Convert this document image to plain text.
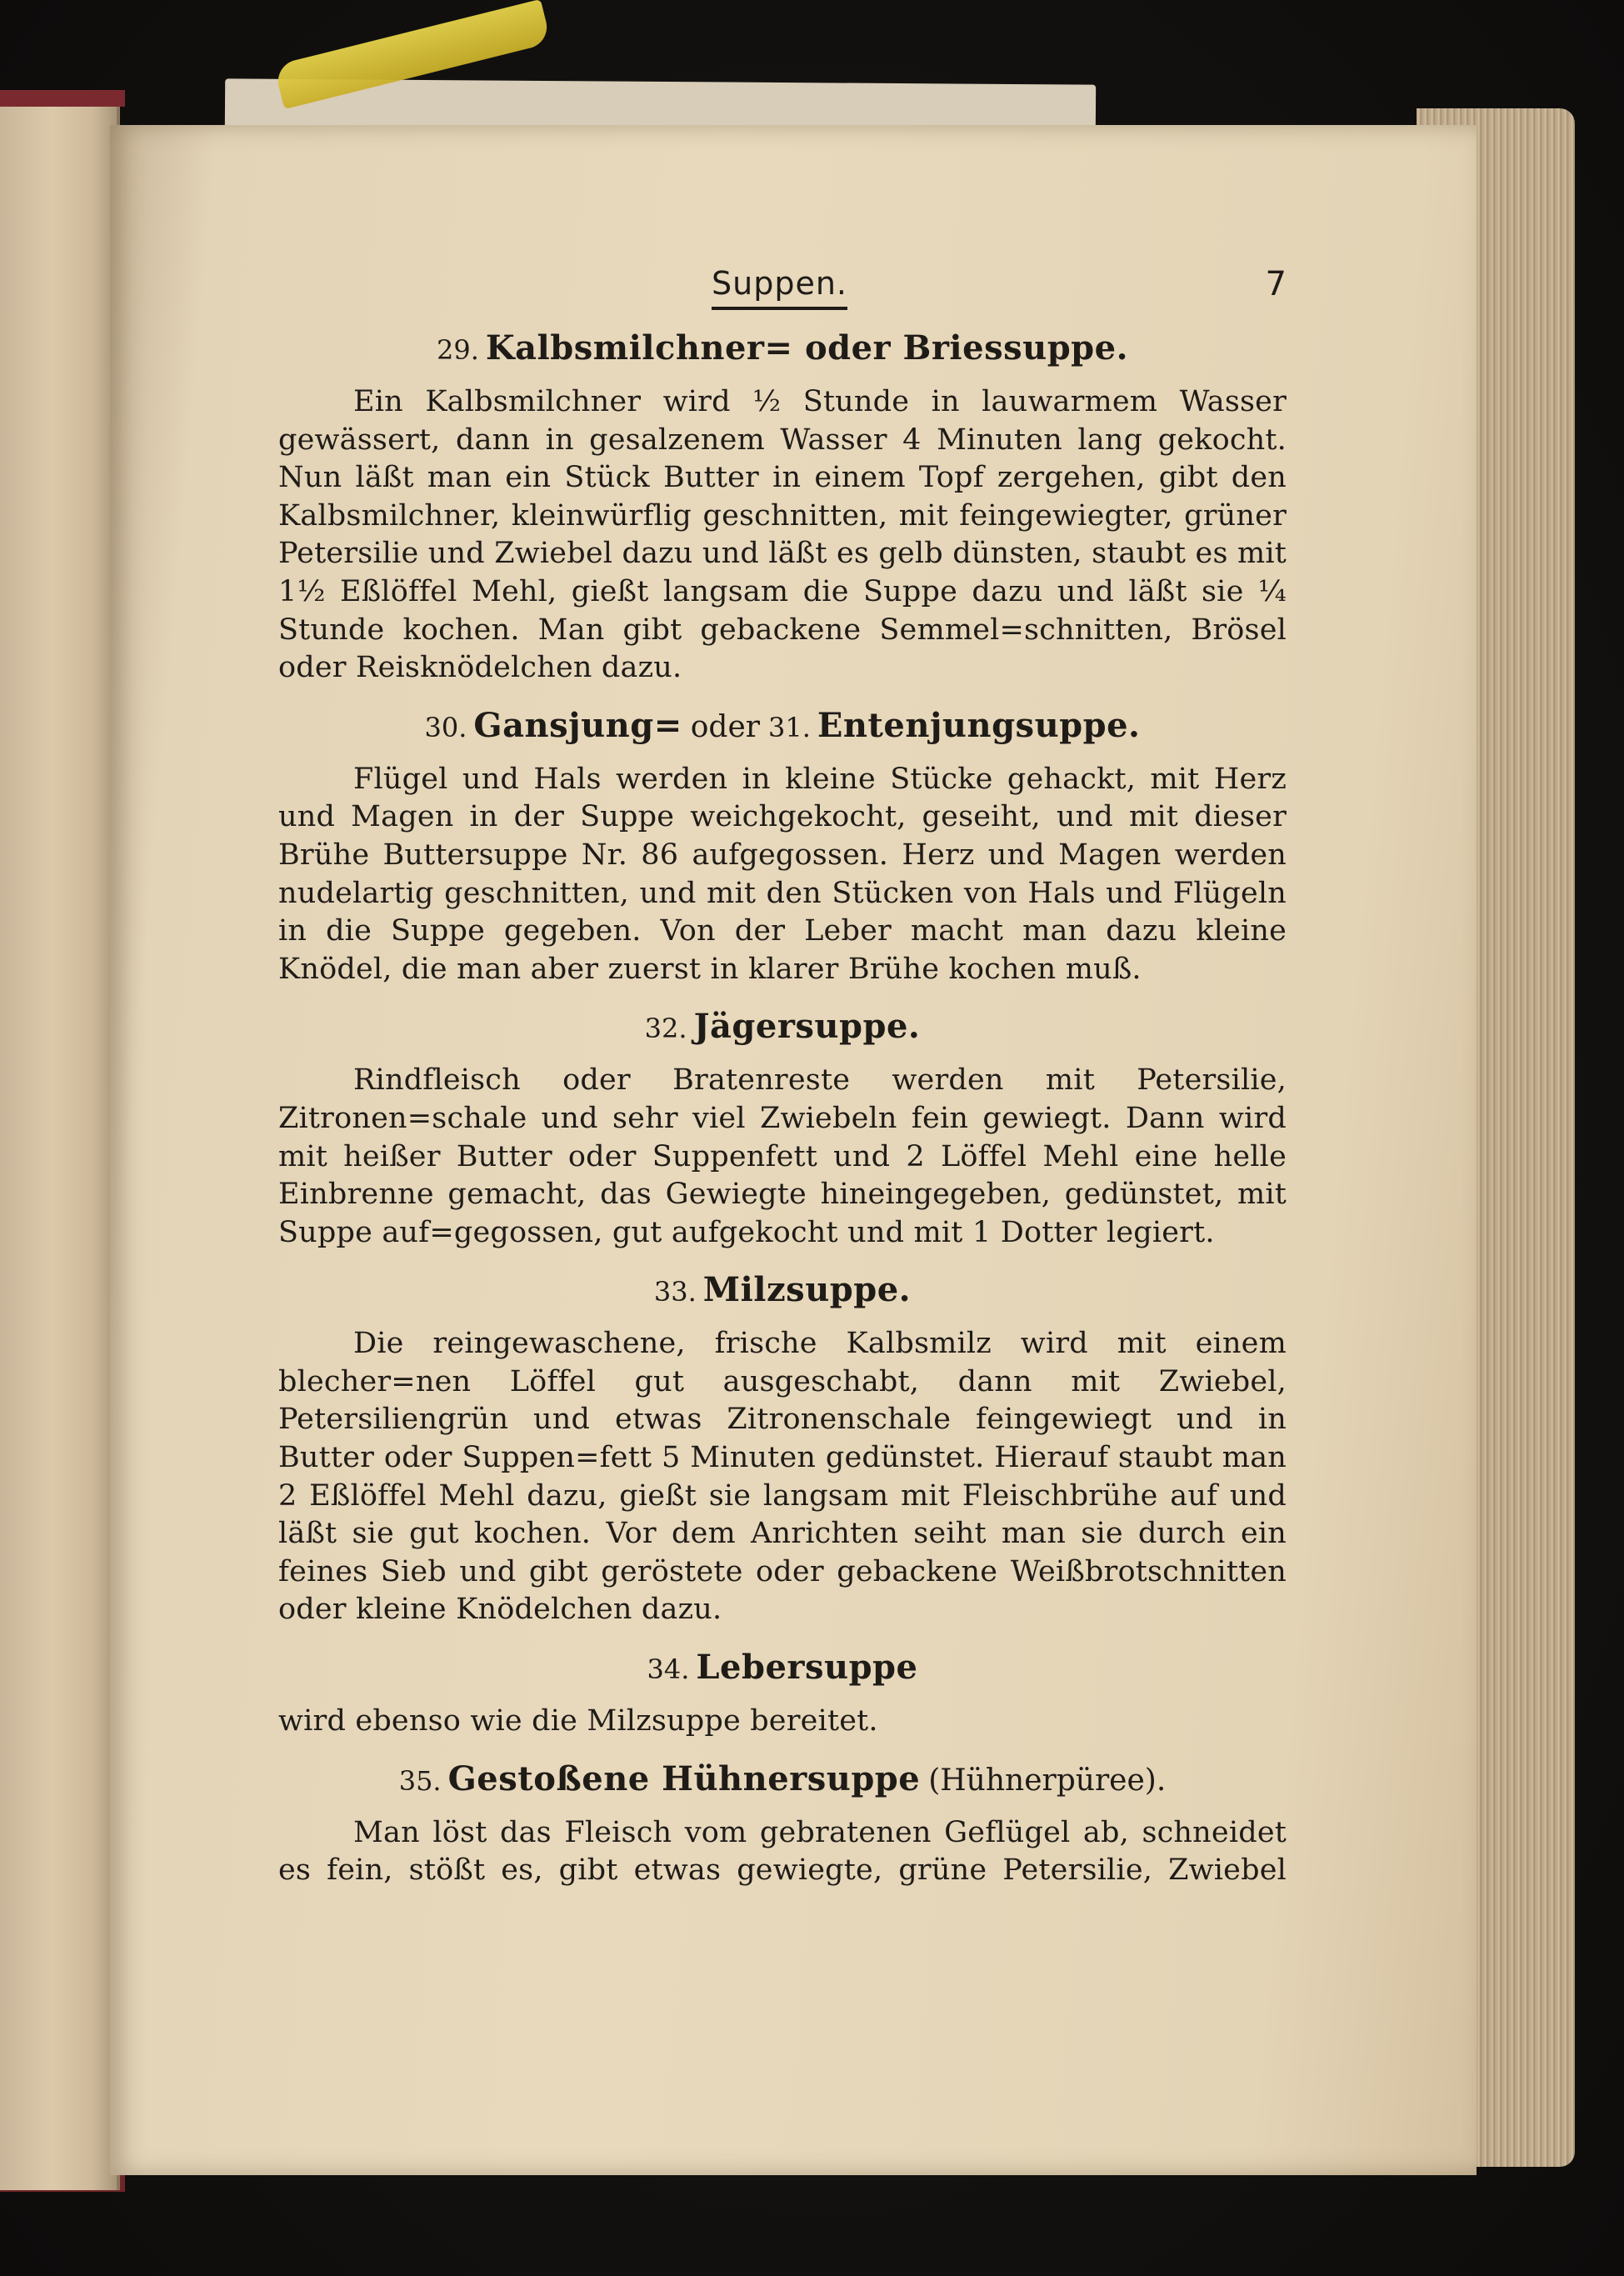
Suppen.	7
29. Kalbsmilchner= oder Briessuppe.

Ein Kalbsmilchner wird ½ Stunde in lauwarmem Wasser gewässert, dann in gesalzenem Wasser 4 Minuten lang gekocht. Nun läßt man ein Stück Butter in einem Topf zergehen, gibt den Kalbsmilchner, kleinwürflig geschnitten, mit feingewiegter, grüner Petersilie und Zwiebel dazu und läßt es gelb dünsten, staubt es mit 1½ Eßlöffel Mehl, gießt langsam die Suppe dazu und läßt sie ¼ Stunde kochen. Man gibt gebackene Semmel=schnitten, Brösel oder Reisknödelchen dazu.

30. Gansjung= oder 31. Entenjungsuppe.

Flügel und Hals werden in kleine Stücke gehackt, mit Herz und Magen in der Suppe weichgekocht, geseiht, und mit dieser Brühe Buttersuppe Nr. 86 aufgegossen. Herz und Magen werden nudelartig geschnitten, und mit den Stücken von Hals und Flügeln in die Suppe gegeben. Von der Leber macht man dazu kleine Knödel, die man aber zuerst in klarer Brühe kochen muß.

32. Jägersuppe.

Rindfleisch oder Bratenreste werden mit Petersilie, Zitronen=schale und sehr viel Zwiebeln fein gewiegt. Dann wird mit heißer Butter oder Suppenfett und 2 Löffel Mehl eine helle Einbrenne gemacht, das Gewiegte hineingegeben, gedünstet, mit Suppe auf=gegossen, gut aufgekocht und mit 1 Dotter legiert.

33. Milzsuppe.

Die reingewaschene, frische Kalbsmilz wird mit einem blecher=nen Löffel gut ausgeschabt, dann mit Zwiebel, Petersiliengrün und etwas Zitronenschale feingewiegt und in Butter oder Suppen=fett 5 Minuten gedünstet. Hierauf staubt man 2 Eßlöffel Mehl dazu, gießt sie langsam mit Fleischbrühe auf und läßt sie gut kochen. Vor dem Anrichten seiht man sie durch ein feines Sieb und gibt geröstete oder gebackene Weißbrotschnitten oder kleine Knödelchen dazu.

34. Lebersuppe

wird ebenso wie die Milzsuppe bereitet.

35. Gestoßene Hühnersuppe (Hühnerpüree).

Man löst das Fleisch vom gebratenen Geflügel ab, schneidet es fein, stößt es, gibt etwas gewiegte, grüne Petersilie, Zwiebel
